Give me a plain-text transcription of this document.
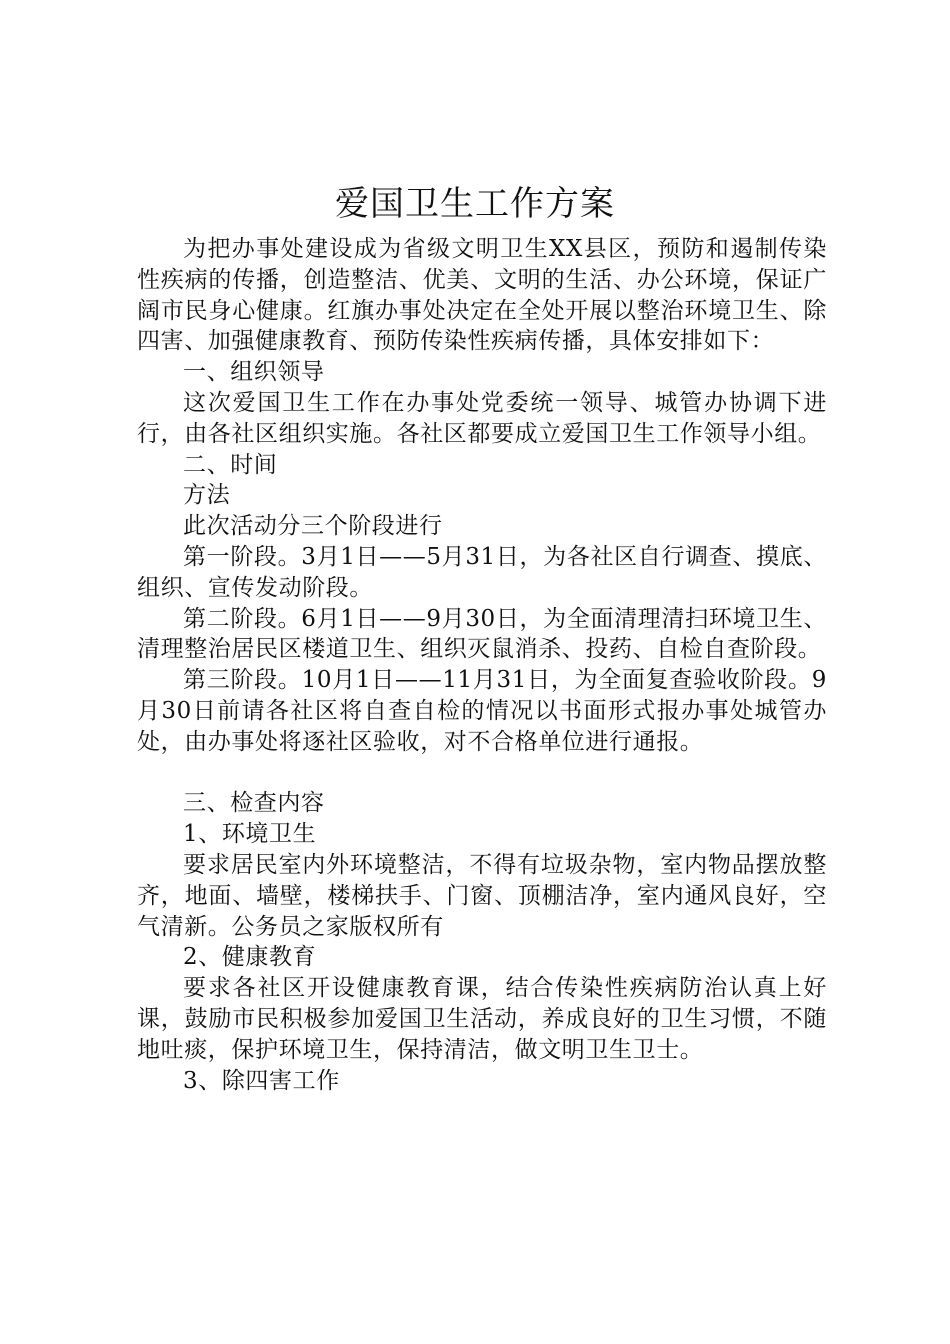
爱国卫生工作方案

为把办事处建设成为省级文明卫生XX县区，预防和遏制传染性疾病的传播，创造整洁、优美、文明的生活、办公环境，保证广阔市民身心健康。红旗办事处决定在全处开展以整治环境卫生、除四害、加强健康教育、预防传染性疾病传播，具体安排如下：

一、组织领导

这次爱国卫生工作在办事处党委统一领导、城管办协调下进行，由各社区组织实施。各社区都要成立爱国卫生工作领导小组。

二、时间

方法

此次活动分三个阶段进行

第一阶段。3月1日——5月31日，为各社区自行调查、摸底、组织、宣传发动阶段。

第二阶段。6月1日——9月30日，为全面清理清扫环境卫生、清理整治居民区楼道卫生、组织灭鼠消杀、投药、自检自查阶段。

第三阶段。10月1日——11月31日，为全面复查验收阶段。9月30日前请各社区将自查自检的情况以书面形式报办事处城管办处，由办事处将逐社区验收，对不合格单位进行通报。

三、检查内容

1、环境卫生

要求居民室内外环境整洁，不得有垃圾杂物，室内物品摆放整齐，地面、墙壁，楼梯扶手、门窗、顶棚洁净，室内通风良好，空气清新。公务员之家版权所有

2、健康教育

要求各社区开设健康教育课，结合传染性疾病防治认真上好课，鼓励市民积极参加爱国卫生活动，养成良好的卫生习惯，不随地吐痰，保护环境卫生，保持清洁，做文明卫生卫士。

3、除四害工作
